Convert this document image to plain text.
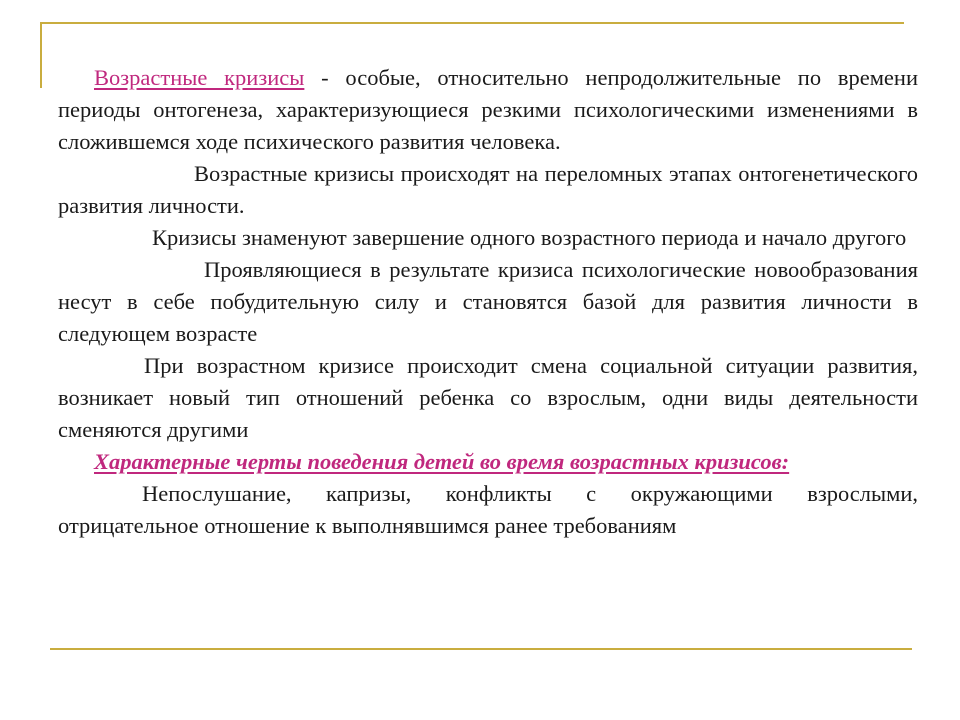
Возрастные кризисы - особые, относительно непродолжительные по времени периоды онтогенеза, характеризующиеся резкими психологическими изменениями в сложившемся ходе психического развития человека.

Возрастные кризисы происходят на переломных этапах онтогенетического развития личности.

Кризисы знаменуют завершение одного возрастного периода и начало другого

Проявляющиеся в результате кризиса психологические новообразования несут в себе побудительную силу и становятся базой для развития личности в следующем возрасте

При возрастном кризисе происходит смена социальной ситуации развития, возникает новый тип отношений ребенка со взрослым, одни виды деятельности сменяются другими

Характерные черты поведения детей во время возрастных кризисов:

Непослушание, капризы, конфликты с окружающими взрослыми, отрицательное отношение к выполнявшимся ранее требованиям
